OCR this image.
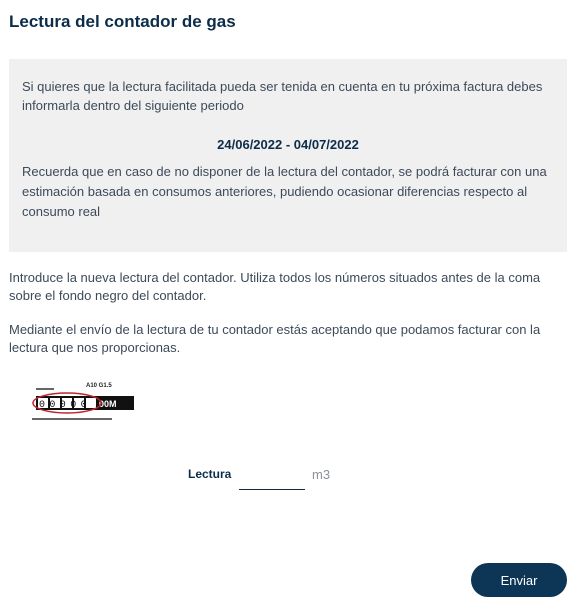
Lectura del contador de gas
Si quieres que la lectura facilitada pueda ser tenida en cuenta en tu próxima factura debes informarla dentro del siguiente periodo
24/06/2022 - 04/07/2022
Recuerda que en caso de no disponer de la lectura del contador, se podrá facturar con una estimación basada en consumos anteriores, pudiendo ocasionar diferencias respecto al consumo real
Introduce la nueva lectura del contador. Utiliza todos los números situados antes de la coma sobre el fondo negro del contador.
Mediante el envío de la lectura de tu contador estás aceptando que podamos facturar con la lectura que nos proporcionas.
A10 G1.5
00000 00M
Lectura	m3
Enviar
